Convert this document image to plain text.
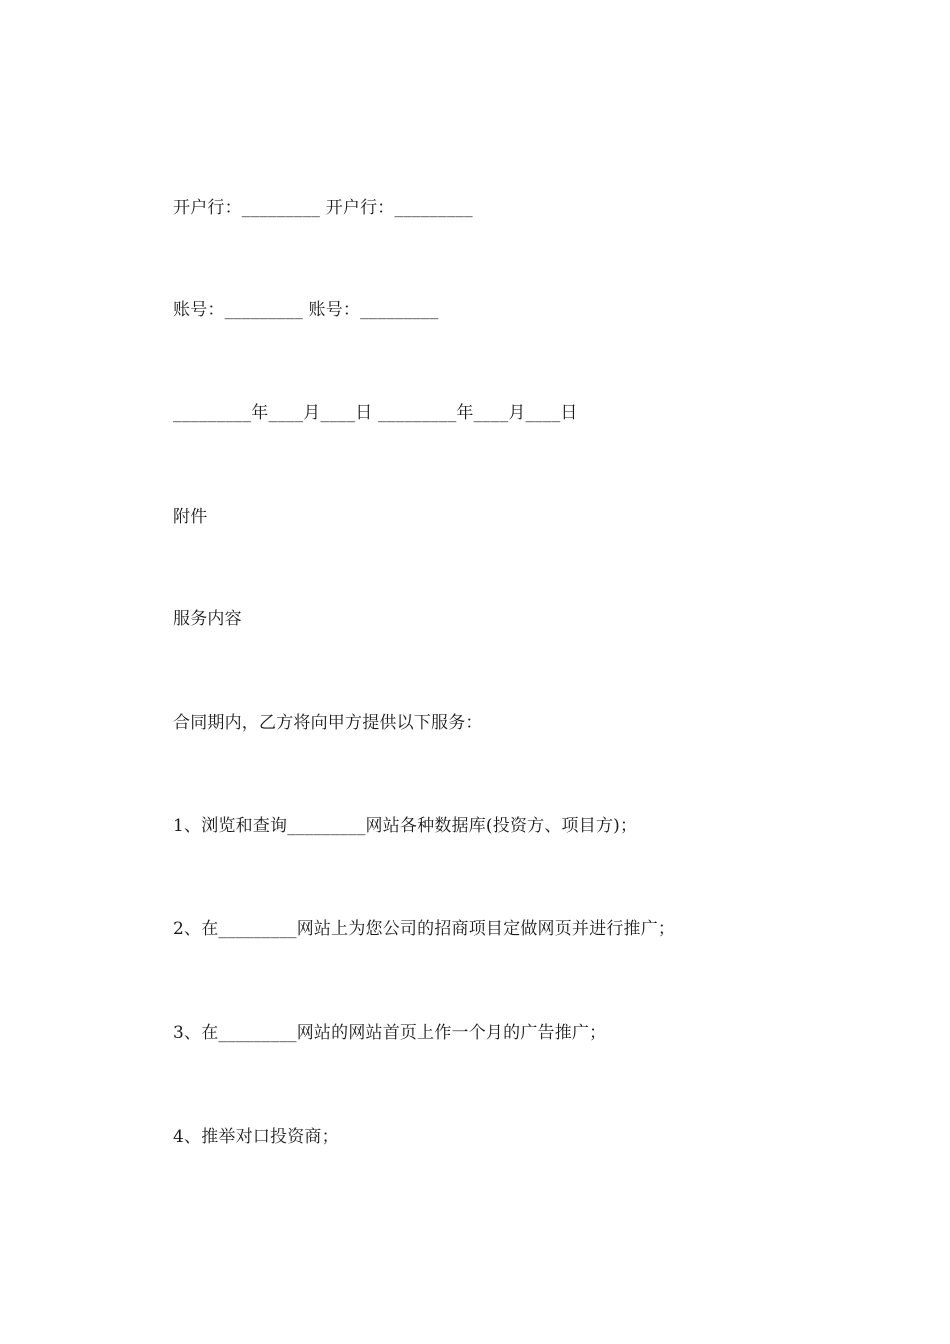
开户行：_________ 开户行：_________
账号：_________ 账号：_________
_________年____月____日 _________年____月____日
附件
服务内容
合同期内，乙方将向甲方提供以下服务：
1、浏览和查询_________网站各种数据库(投资方、项目方)；
2、在_________网站上为您公司的招商项目定做网页并进行推广；
3、在_________网站的网站首页上作一个月的广告推广；
4、推举对口投资商；
